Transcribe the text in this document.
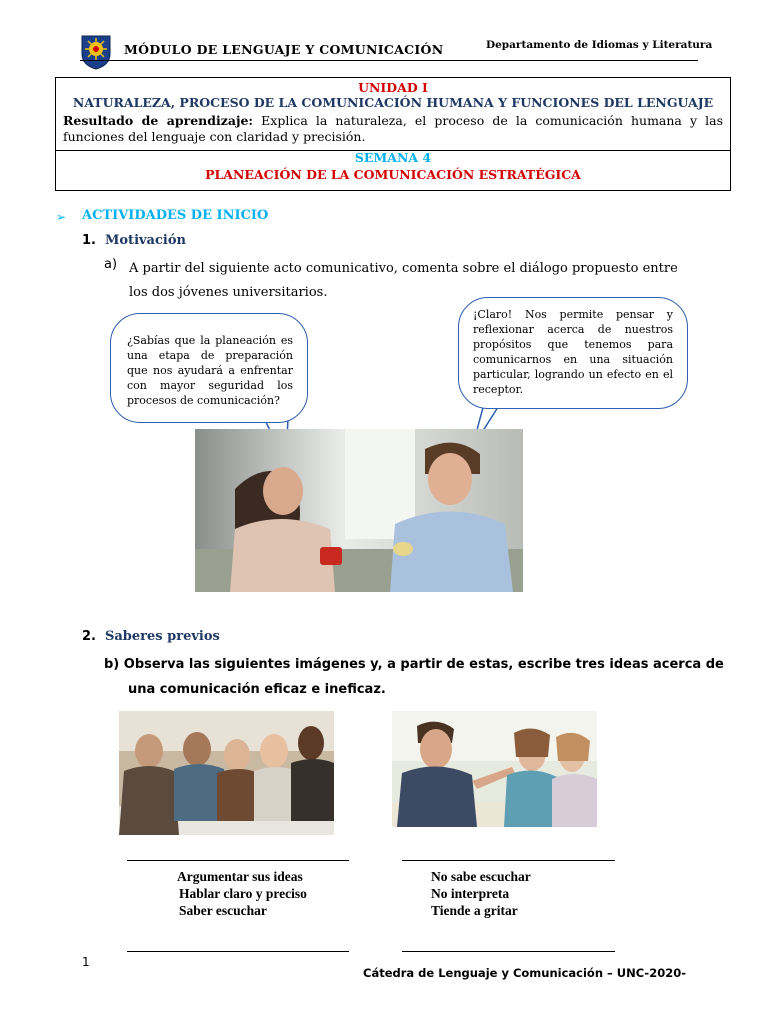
MÓDULO DE LENGUAJE Y COMUNICACIÓN	Departamento de Idiomas y Literatura
UNIDAD I
NATURALEZA, PROCESO DE LA COMUNICACIÓN HUMANA Y FUNCIONES DEL LENGUAJE
Resultado de aprendizaje: Explica la naturaleza, el proceso de la comunicación humana y las funciones del lenguaje con claridad y precisión.
SEMANA 4
PLANEACIÓN DE LA COMUNICACIÓN ESTRATÉGICA
➢ ACTIVIDADES DE INICIO
1. Motivación
a) A partir del siguiente acto comunicativo, comenta sobre el diálogo propuesto entre los dos jóvenes universitarios.
¿Sabías que la planeación es una etapa de preparación que nos ayudará a enfrentar con mayor seguridad los procesos de comunicación?
¡Claro! Nos permite pensar y reflexionar acerca de nuestros propósitos que tenemos para comunicarnos en una situación particular, logrando un efecto en el receptor.
2. Saberes previos
b) Observa las siguientes imágenes y, a partir de estas, escribe tres ideas acerca de
una comunicación eficaz e ineficaz.
Argumentar sus ideas
Hablar claro y preciso
Saber escuchar
No sabe escuchar
No interpreta
Tiende a gritar
1
Cátedra de Lenguaje y Comunicación – UNC-2020-
